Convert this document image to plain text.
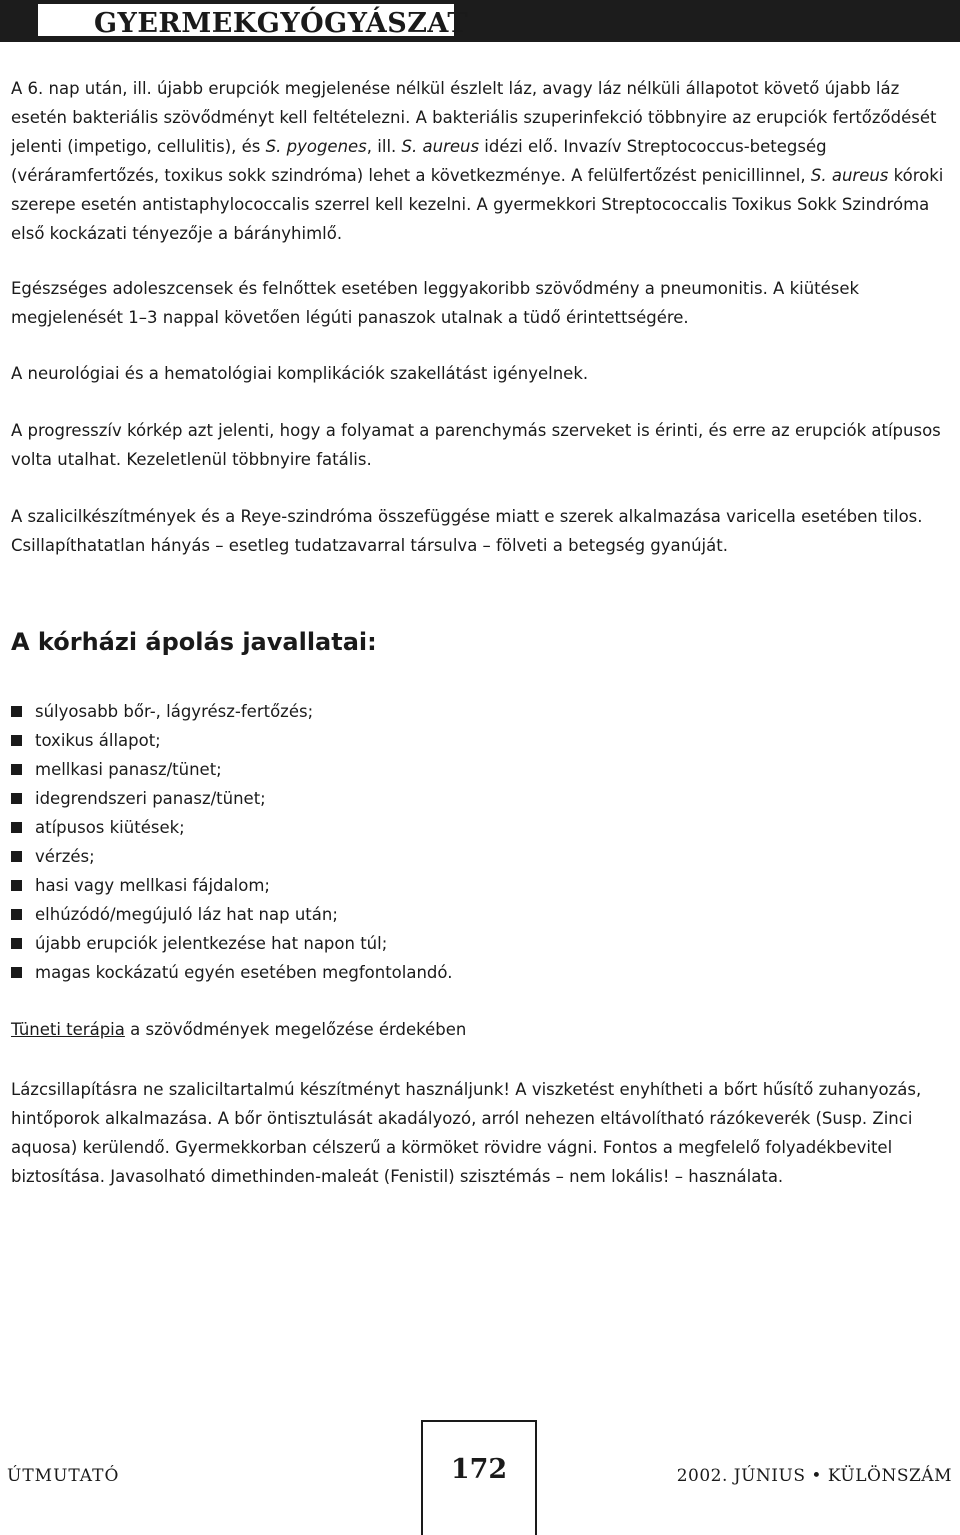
GYERMEKGYÓGYÁSZAT

A 6. nap után, ill. újabb erupciók megjelenése nélkül észlelt láz, avagy láz nélküli állapotot követő újabb láz esetén bakteriális szövődményt kell feltételezni. A bakteriális szuperinfekció többnyire az erupciók fertőződését jelenti (impetigo, cellulitis), és S. pyogenes, ill. S. aureus idézi elő. Invazív Streptococcus-betegség (véráramfertőzés, toxikus sokk szindróma) lehet a következménye. A felülfertőzést penicillinnel, S. aureus kóroki szerepe esetén antistaphylococcalis szerrel kell kezelni. A gyermekkori Streptococcalis Toxikus Sokk Szindróma első kockázati tényezője a bárányhimlő.

Egészséges adoleszcensek és felnőttek esetében leggyakoribb szövődmény a pneumonitis. A kiütések megjelenését 1–3 nappal követően légúti panaszok utalnak a tüdő érintettségére.

A neurológiai és a hematológiai komplikációk szakellátást igényelnek.

A progresszív kórkép azt jelenti, hogy a folyamat a parenchymás szerveket is érinti, és erre az erupciók atípusos volta utalhat. Kezeletlenül többnyire fatális.

A szalicilkészítmények és a Reye-szindróma összefüggése miatt e szerek alkalmazása varicella esetében tilos. Csillapíthatatlan hányás – esetleg tudatzavarral társulva – fölveti a betegség gyanúját.

A kórházi ápolás javallatai:
súlyosabb bőr-, lágyrész-fertőzés;
toxikus állapot;
mellkasi panasz/tünet;
idegrendszeri panasz/tünet;
atípusos kiütések;
vérzés;
hasi vagy mellkasi fájdalom;
elhúzódó/megújuló láz hat nap után;
újabb erupciók jelentkezése hat napon túl;
magas kockázatú egyén esetében megfontolandó.

Tüneti terápia a szövődmények megelőzése érdekében

Lázcsillapításra ne szaliciltartalmú készítményt használjunk! A viszketést enyhítheti a bőrt hűsítő zuhanyozás, hintőporok alkalmazása. A bőr öntisztulását akadályozó, arról nehezen eltávolítható rázókeverék (Susp. Zinci aquosa) kerülendő. Gyermekkorban célszerű a körmöket rövidre vágni. Fontos a megfelelő folyadékbevitel biztosítása. Javasolható dimethinden-maleát (Fenistil) szisztémás – nem lokális! – használata.

ÚTMUTATÓ	172	2002. JÚNIUS • KÜLÖNSZÁM
